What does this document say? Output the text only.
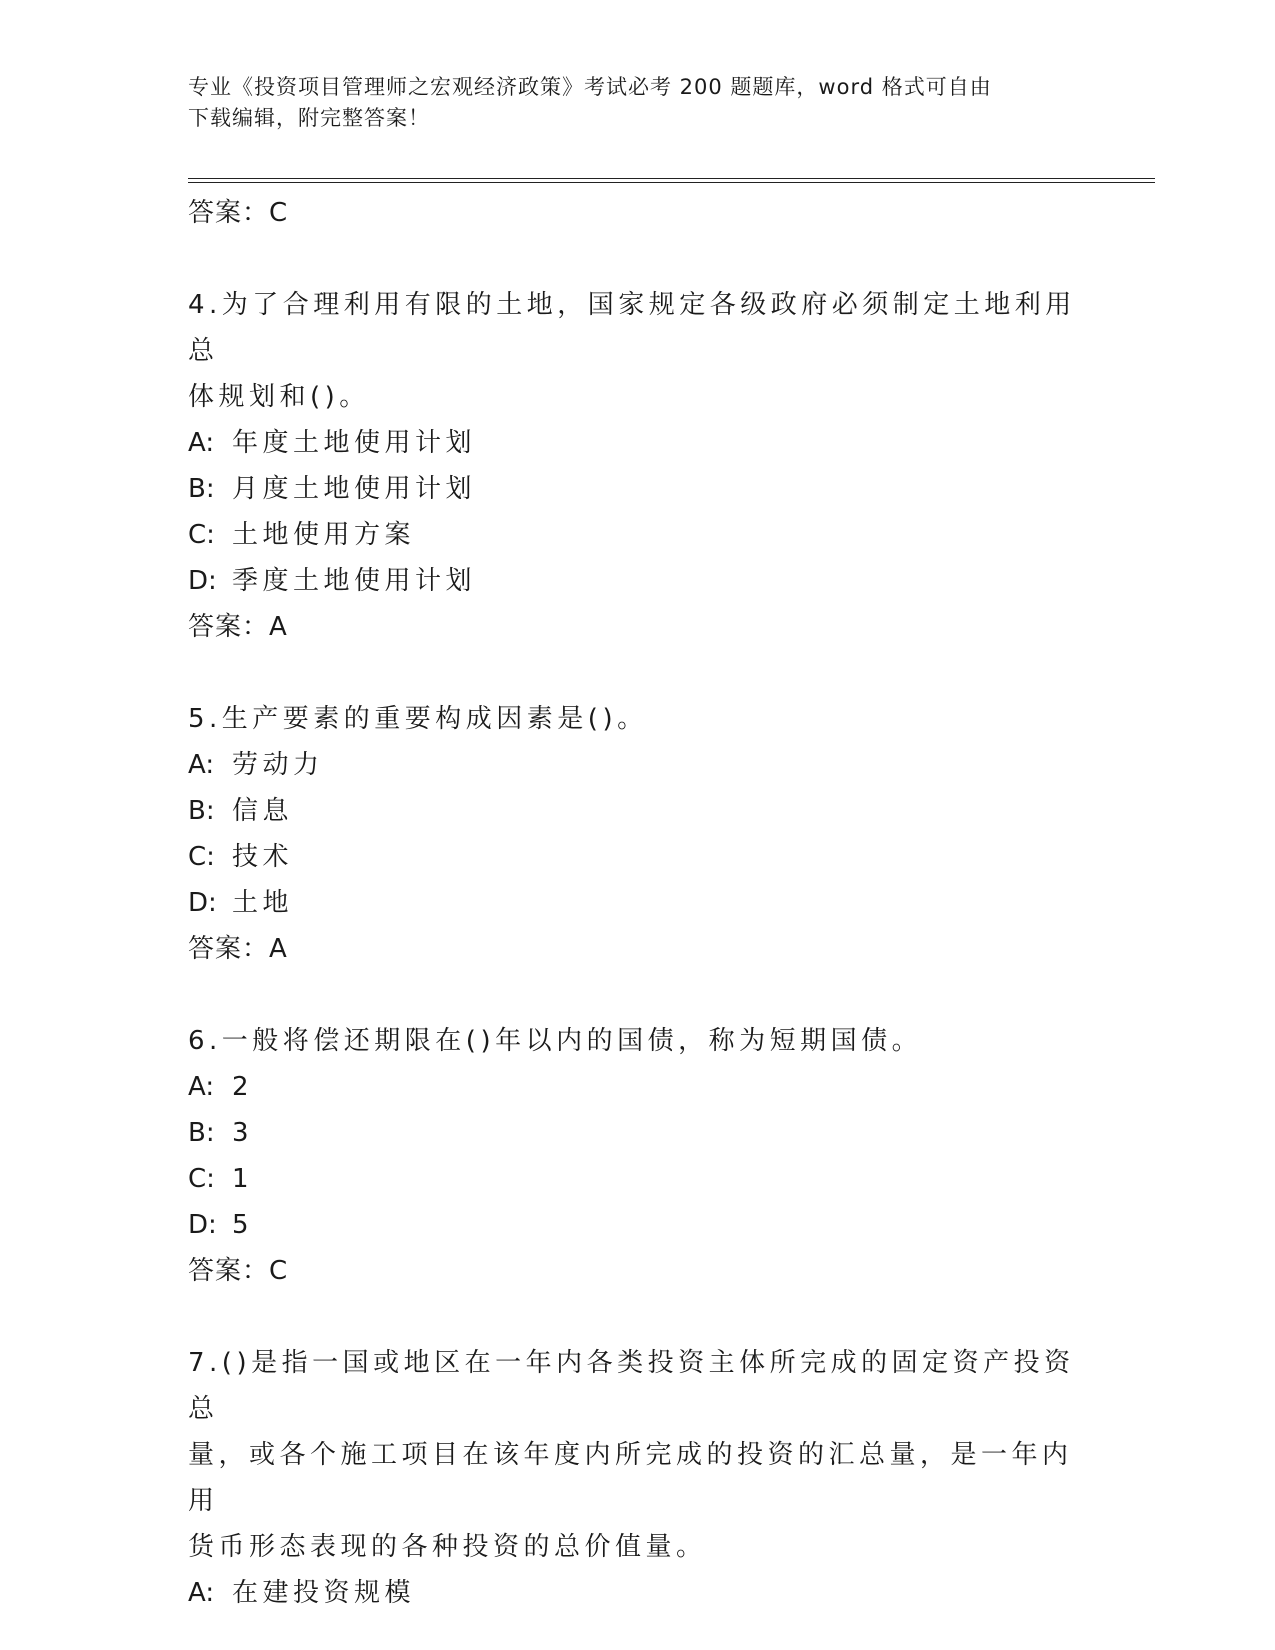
专业《投资项目管理师之宏观经济政策》考试必考 200 题题库，word 格式可自由
下载编辑，附完整答案！
答案：C
4.为了合理利用有限的土地，国家规定各级政府必须制定土地利用总
体规划和()。
A: 年度土地使用计划
B: 月度土地使用计划
C: 土地使用方案
D: 季度土地使用计划
答案：A
5.生产要素的重要构成因素是()。
A: 劳动力
B: 信息
C: 技术
D: 土地
答案：A
6.一般将偿还期限在()年以内的国债，称为短期国债。
A: 2
B: 3
C: 1
D: 5
答案：C
7.()是指一国或地区在一年内各类投资主体所完成的固定资产投资总
量，或各个施工项目在该年度内所完成的投资的汇总量，是一年内用
货币形态表现的各种投资的总价值量。
A: 在建投资规模
